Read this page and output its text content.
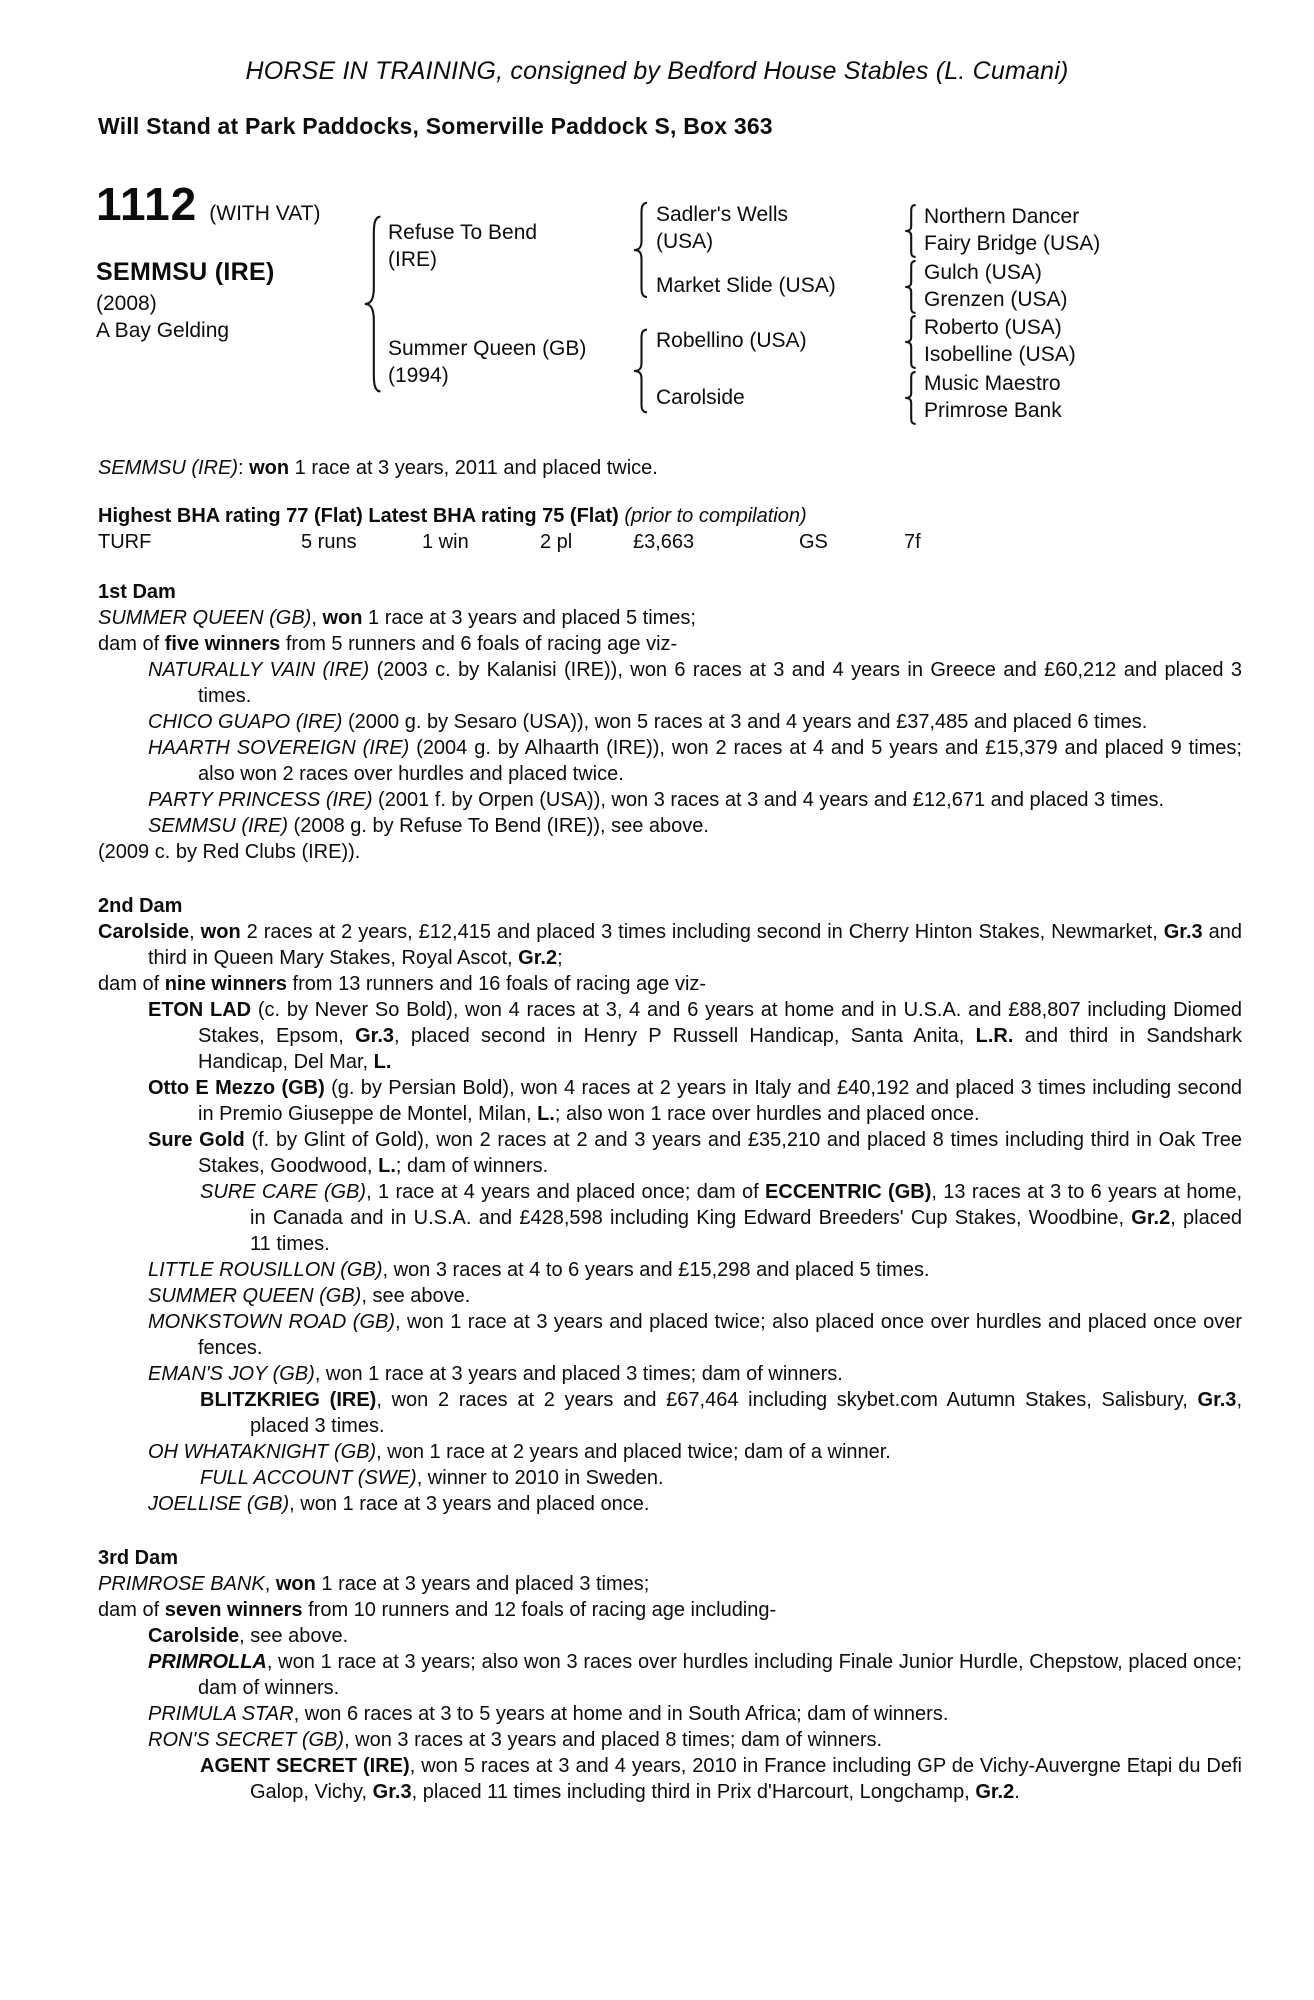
HORSE IN TRAINING, consigned by Bedford House Stables (L. Cumani)
Will Stand at Park Paddocks, Somerville Paddock S, Box 363
1112 (WITH VAT)
SEMMSU (IRE)
(2008)
A Bay Gelding
Refuse To Bend
(IRE)
Summer Queen (GB)
(1994)
Sadler's Wells
(USA)
Market Slide (USA)
Robellino (USA)
Carolside
Northern Dancer
Fairy Bridge (USA)
Gulch (USA)
Grenzen (USA)
Roberto (USA)
Isobelline (USA)
Music Maestro
Primrose Bank
SEMMSU (IRE): won 1 race at 3 years, 2011 and placed twice.
Highest BHA rating 77 (Flat) Latest BHA rating 75 (Flat) (prior to compilation)
TURF	5 runs	1 win	2 pl	£3,663	GS	7f
1st Dam
SUMMER QUEEN (GB), won 1 race at 3 years and placed 5 times;
dam of five winners from 5 runners and 6 foals of racing age viz-
NATURALLY VAIN (IRE) (2003 c. by Kalanisi (IRE)), won 6 races at 3 and 4 years in Greece and £60,212 and placed 3 times.
CHICO GUAPO (IRE) (2000 g. by Sesaro (USA)), won 5 races at 3 and 4 years and £37,485 and placed 6 times.
HAARTH SOVEREIGN (IRE) (2004 g. by Alhaarth (IRE)), won 2 races at 4 and 5 years and £15,379 and placed 9 times; also won 2 races over hurdles and placed twice.
PARTY PRINCESS (IRE) (2001 f. by Orpen (USA)), won 3 races at 3 and 4 years and £12,671 and placed 3 times.
SEMMSU (IRE) (2008 g. by Refuse To Bend (IRE)), see above.
(2009 c. by Red Clubs (IRE)).
2nd Dam
Carolside, won 2 races at 2 years, £12,415 and placed 3 times including second in Cherry Hinton Stakes, Newmarket, Gr.3 and third in Queen Mary Stakes, Royal Ascot, Gr.2;
dam of nine winners from 13 runners and 16 foals of racing age viz-
ETON LAD (c. by Never So Bold), won 4 races at 3, 4 and 6 years at home and in U.S.A. and £88,807 including Diomed Stakes, Epsom, Gr.3, placed second in Henry P Russell Handicap, Santa Anita, L.R. and third in Sandshark Handicap, Del Mar, L.
Otto E Mezzo (GB) (g. by Persian Bold), won 4 races at 2 years in Italy and £40,192 and placed 3 times including second in Premio Giuseppe de Montel, Milan, L.; also won 1 race over hurdles and placed once.
Sure Gold (f. by Glint of Gold), won 2 races at 2 and 3 years and £35,210 and placed 8 times including third in Oak Tree Stakes, Goodwood, L.; dam of winners.
SURE CARE (GB), 1 race at 4 years and placed once; dam of ECCENTRIC (GB), 13 races at 3 to 6 years at home, in Canada and in U.S.A. and £428,598 including King Edward Breeders' Cup Stakes, Woodbine, Gr.2, placed 11 times.
LITTLE ROUSILLON (GB), won 3 races at 4 to 6 years and £15,298 and placed 5 times.
SUMMER QUEEN (GB), see above.
MONKSTOWN ROAD (GB), won 1 race at 3 years and placed twice; also placed once over hurdles and placed once over fences.
EMAN'S JOY (GB), won 1 race at 3 years and placed 3 times; dam of winners.
BLITZKRIEG (IRE), won 2 races at 2 years and £67,464 including skybet.com Autumn Stakes, Salisbury, Gr.3, placed 3 times.
OH WHATAKNIGHT (GB), won 1 race at 2 years and placed twice; dam of a winner.
FULL ACCOUNT (SWE), winner to 2010 in Sweden.
JOELLISE (GB), won 1 race at 3 years and placed once.
3rd Dam
PRIMROSE BANK, won 1 race at 3 years and placed 3 times;
dam of seven winners from 10 runners and 12 foals of racing age including-
Carolside, see above.
PRIMROLLA, won 1 race at 3 years; also won 3 races over hurdles including Finale Junior Hurdle, Chepstow, placed once; dam of winners.
PRIMULA STAR, won 6 races at 3 to 5 years at home and in South Africa; dam of winners.
RON'S SECRET (GB), won 3 races at 3 years and placed 8 times; dam of winners.
AGENT SECRET (IRE), won 5 races at 3 and 4 years, 2010 in France including GP de Vichy-Auvergne Etapi du Defi Galop, Vichy, Gr.3, placed 11 times including third in Prix d'Harcourt, Longchamp, Gr.2.
